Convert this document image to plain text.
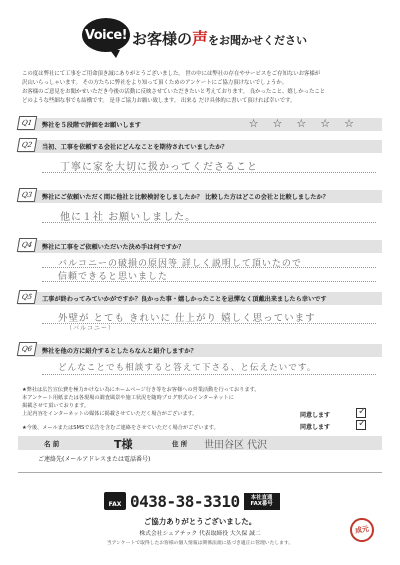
Voice! お客様の声をお聞かせください
この度は弊社にて工事をご用命頂き誠にありがとうございました。 世の中には弊社の存在やサービスをご存知ないお客様が
沢山いらっしゃいます。 その方たちに弊社をより知って頂くためのアンケートにご協力頂けないでしょうか。
お客様のご意見をお聞かせいただき今後の活動に反映させていただきたいと考えております。 良かったこと、嬉しかったこと
どのような些細な事でも結構です。 是非ご協力お願い致します。 出来る だけ具体的に書いて頂ければ幸いです。
Q1	弊社を５段階で評価をお願いします	☆ ☆ ☆ ☆ ☆
Q2	当初、工事を依頼する会社にどんなことを期待されていましたか？
丁寧に家を大切に扱かってくださること
Q3	弊社にご依頼いただく間に他社と比較検討をしましたか？ 比較した方はどこの会社と比較しましたか？
他に１社 お願いしました。
Q4	弊社に工事をご依頼いただいた決め手は何ですか？
バルコニーの破損の原因等 詳しく説明して頂いたので
信頼できると思いました
Q5	工事が終わってみていかがですか？良かった事・嬉しかったことを忌憚なく頂戴出来ましたら幸いです
外壁が とても きれいに 仕上がり 嬉しく思っています
（バルコニー）
Q6	弊社を他の方に紹介するとしたらなんと紹介しますか？
どんなことでも相談すると答えて下さる、と伝えたいです。
★弊社は広告宣伝費を極力かけない為にホームページ行き等をお客様への営業活動を行っております。
本アンケート用紙または各現場の調査風景や施工状況を随時ブログ形式のインターネットに
掲載させて頂いております。
上記内容をインターネットの媒体に掲載させていただく場合がございます。	同意します	✓
★今後、メールまたはSMSで広告を含むご連絡をさせていただく場合がございます。	同意します	✓
名 前	T様	住 所 世田谷区 代沢
ご連絡先(メールアドレスまたは電話番号)
FAX 0438-38-3310	本社直通
FAX番号
ご協力ありがとうございました。
株式会社シェアテック 代表取締役 大久保 誠二
当アンケートで取得したお客様の個人情報は関係法規に基づき適正に管理いたします。
成元
